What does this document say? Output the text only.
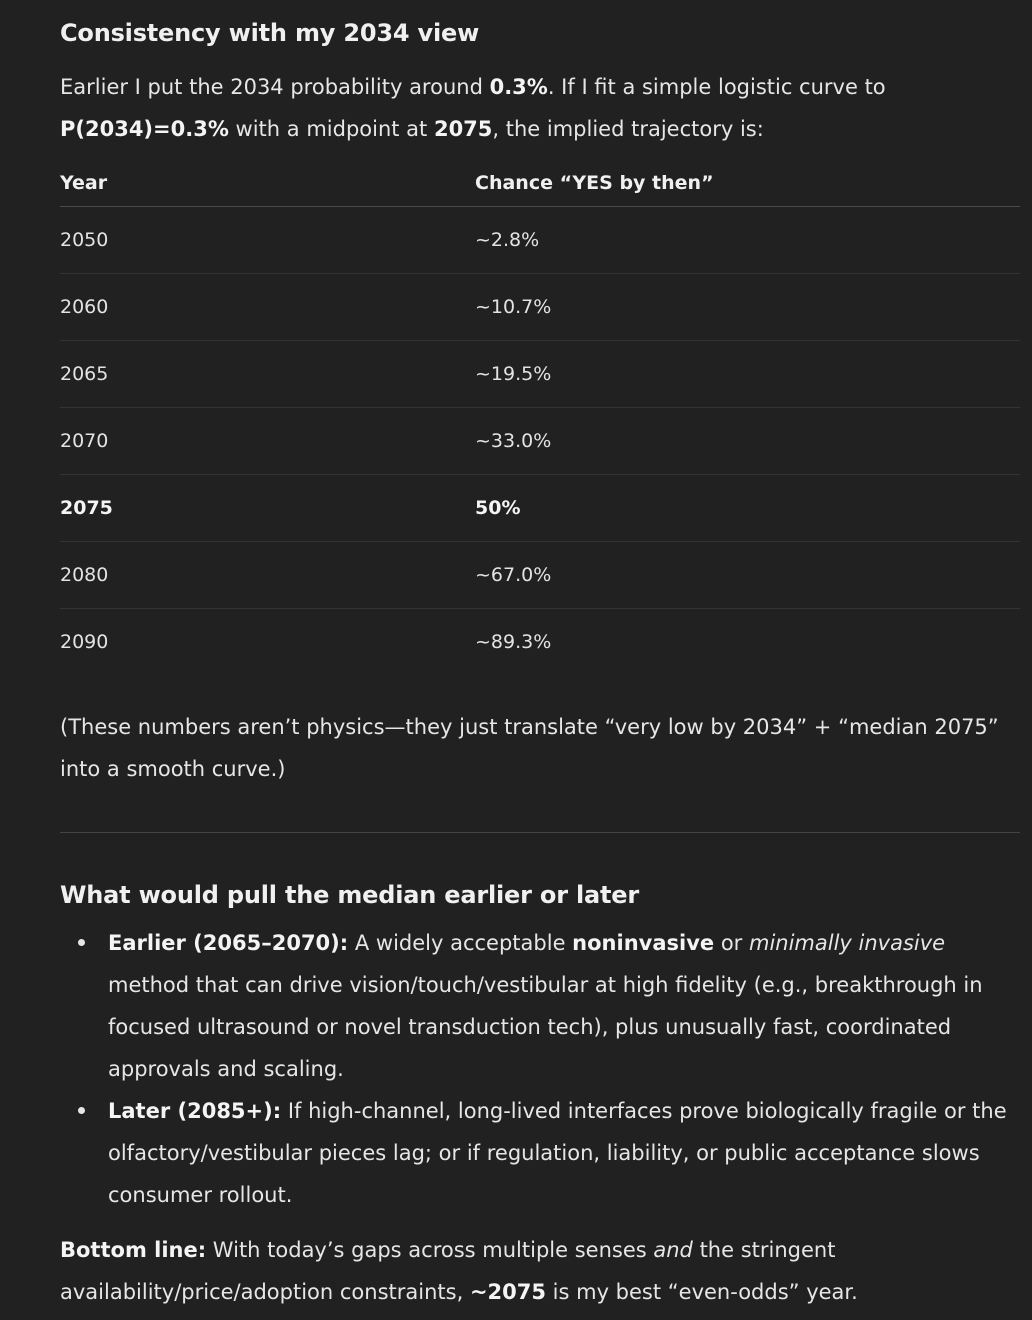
Consistency with my 2034 view

Earlier I put the 2034 probability around 0.3%. If I fit a simple logistic curve to P(2034)=0.3% with a midpoint at 2075, the implied trajectory is:

Year	Chance “YES by then”
2050	~2.8%
2060	~10.7%
2065	~19.5%
2070	~33.0%
2075	50%
2080	~67.0%
2090	~89.3%

(These numbers aren’t physics—they just translate “very low by 2034” + “median 2075” into a smooth curve.)

What would pull the median earlier or later
Earlier (2065–2070): A widely acceptable noninvasive or minimally invasive method that can drive vision/touch/vestibular at high fidelity (e.g., breakthrough in focused ultrasound or novel transduction tech), plus unusually fast, coordinated approvals and scaling.
Later (2085+): If high-channel, long-lived interfaces prove biologically fragile or the olfactory/vestibular pieces lag; or if regulation, liability, or public acceptance slows consumer rollout.

Bottom line: With today’s gaps across multiple senses and the stringent availability/price/adoption constraints, ~2075 is my best “even-odds” year.
